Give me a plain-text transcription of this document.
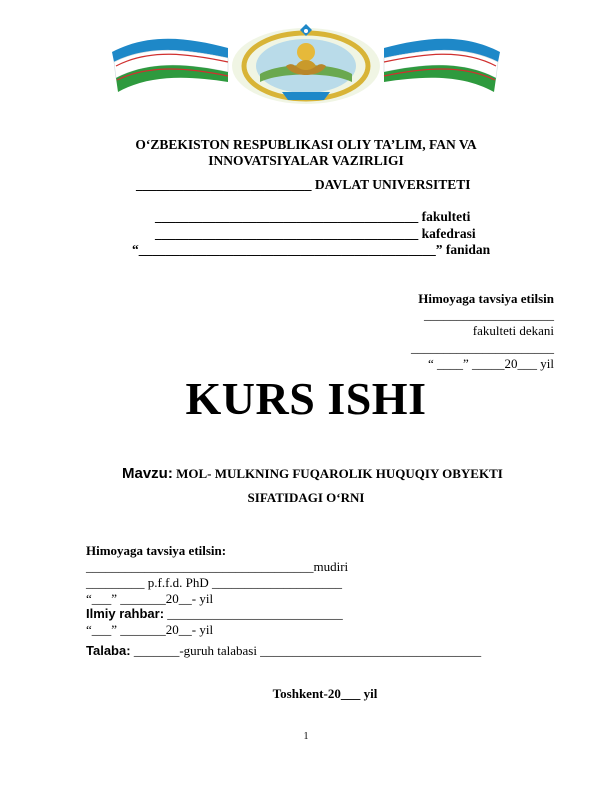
O‘ZBEKISTON RESPUBLIKASI OLIY TA’LIM, FAN VA
INNOVATSIYALAR VAZIRLIGI
__________________________ DAVLAT UNIVERSITETI
_______________________________________ fakulteti
_______________________________________ kafedrasi
“____________________________________________” fanidan
Himoyaga tavsiya etilsin
____________________
fakulteti dekani
______________________
“ ____” _____20___ yil
KURS ISHI
Mavzu: MOL- MULKNING FUQAROLIK HUQUQIY OBYEKTI
SIFATIDAGI O‘RNI
Himoyaga tavsiya etilsin:
___________________________________mudiri
_________ p.f.f.d. PhD ____________________
“___” _______20__- yil
Ilmiy rahbar: ___________________________
“___” _______20__- yil
Talaba: _______-guruh talabasi __________________________________
Toshkent-20___ yil
1
